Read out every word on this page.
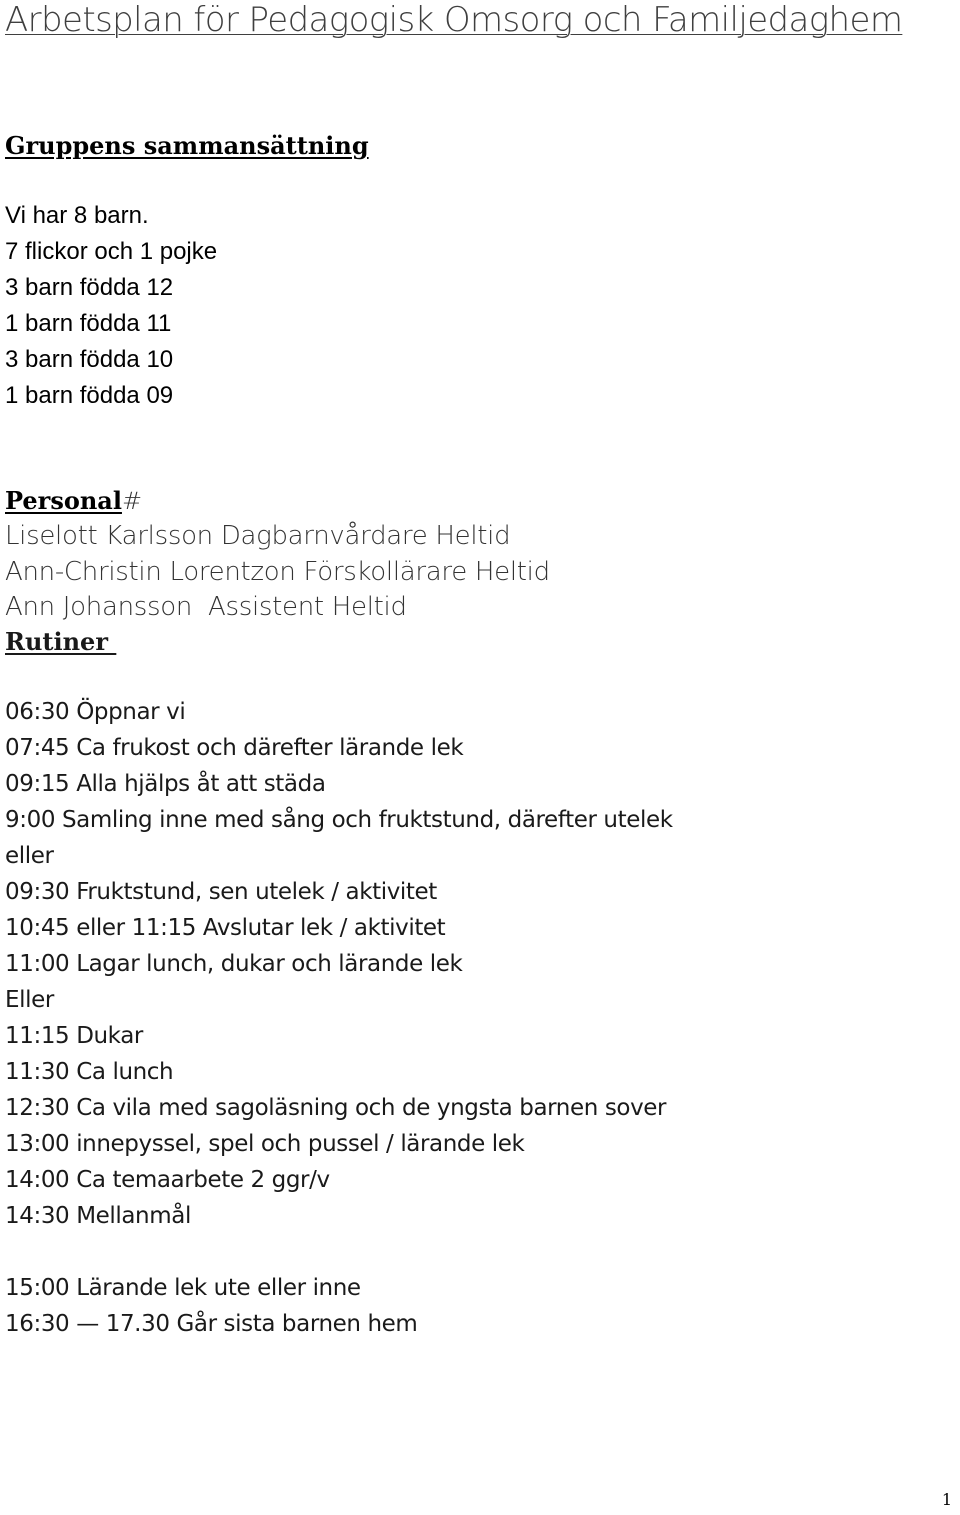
Arbetsplan för Pedagogisk Omsorg och Familjedaghem
Gruppens sammansättning
Vi har 8 barn.
7 flickor och 1 pojke
3 barn födda 12
1 barn födda 11
3 barn födda 10
1 barn födda 09
Personal#
Liselott Karlsson Dagbarnvårdare Heltid
Ann-Christin Lorentzon Förskollärare Heltid
Ann Johansson  Assistent Heltid
Rutiner
06:30 Öppnar vi
07:45 Ca frukost och därefter lärande lek
09:15 Alla hjälps åt att städa
9:00 Samling inne med sång och fruktstund, därefter utelek
eller
09:30 Fruktstund, sen utelek / aktivitet
10:45 eller 11:15 Avslutar lek / aktivitet
11:00 Lagar lunch, dukar och lärande lek
Eller
11:15 Dukar
11:30 Ca lunch
12:30 Ca vila med sagoläsning och de yngsta barnen sover
13:00 innepyssel, spel och pussel / lärande lek
14:00 Ca temaarbete 2 ggr/v
14:30 Mellanmål
15:00 Lärande lek ute eller inne
16:30 — 17.30 Går sista barnen hem
1
